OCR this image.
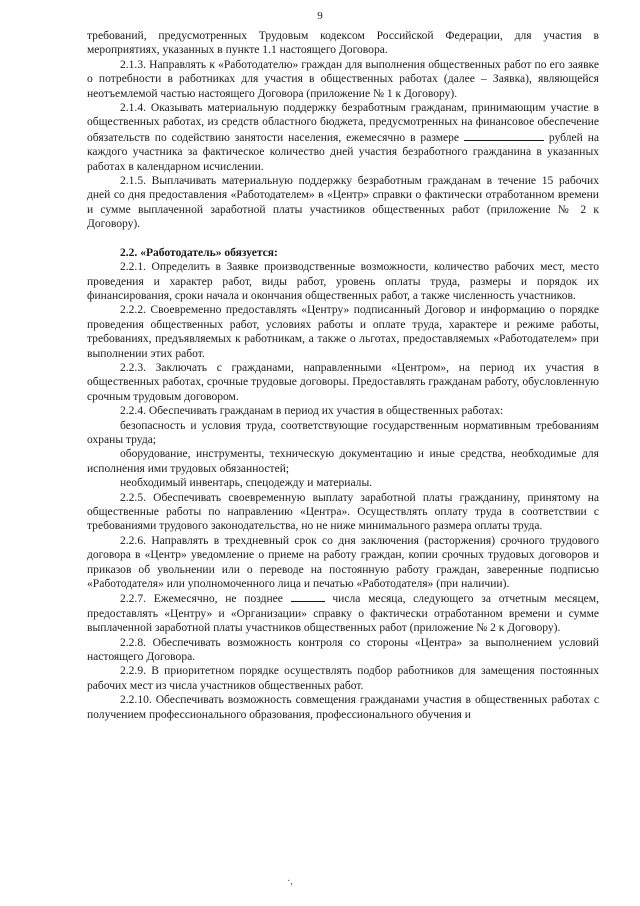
9

требований, предусмотренных Трудовым кодексом Российской Федерации, для участия в мероприятиях, указанных в пункте 1.1 настоящего Договора.

2.1.3. Направлять к «Работодателю» граждан для выполнения общественных работ по его заявке о потребности в работниках для участия в общественных работах (далее – Заявка), являющейся неотъемлемой частью настоящего Договора (приложение № 1 к Договору).

2.1.4. Оказывать материальную поддержку безработным гражданам, принимающим участие в общественных работах, из средств областного бюджета, предусмотренных на финансовое обеспечение обязательств по содействию занятости населения, ежемесячно в размере	рублей на каждого участника за фактическое количество дней участия безработного гражданина в указанных работах в календарном исчислении.

2.1.5. Выплачивать материальную поддержку безработным гражданам в течение 15 рабочих дней со дня предоставления «Работодателем» в «Центр» справки о фактически отработанном времени и сумме выплаченной заработной платы участников общественных работ (приложение № 2 к Договору).

2.2. «Работодатель» обязуется:

2.2.1. Определить в Заявке производственные возможности, количество рабочих мест, место проведения и характер работ, виды работ, уровень оплаты труда, размеры и порядок их финансирования, сроки начала и окончания общественных работ, а также численность участников.

2.2.2. Своевременно предоставлять «Центру» подписанный Договор и информацию о порядке проведения общественных работ, условиях работы и оплате труда, характере и режиме работы, требованиях, предъявляемых к работникам, а также о льготах, предоставляемых «Работодателем» при выполнении этих работ.

2.2.3. Заключать с гражданами, направленными «Центром», на период их участия в общественных работах, срочные трудовые договоры. Предоставлять гражданам работу, обусловленную срочным трудовым договором.

2.2.4. Обеспечивать гражданам в период их участия в общественных работах:

безопасность и условия труда, соответствующие государственным нормативным требованиям охраны труда;

оборудование, инструменты, техническую документацию и иные средства, необходимые для исполнения ими трудовых обязанностей;

необходимый инвентарь, спецодежду и материалы.

2.2.5. Обеспечивать своевременную выплату заработной платы гражданину, принятому на общественные работы по направлению «Центра». Осуществлять оплату труда в соответствии с требованиями трудового законодательства, но не ниже минимального размера оплаты труда.

2.2.6. Направлять в трехдневный срок со дня заключения (расторжения) срочного трудового договора в «Центр» уведомление о приеме на работу граждан, копии срочных трудовых договоров и приказов об увольнении или о переводе на постоянную работу граждан, заверенные подписью «Работодателя» или уполномоченного лица и печатью «Работодателя» (при наличии).

2.2.7. Ежемесячно, не позднее	числа месяца, следующего за отчетным месяцем, предоставлять «Центру» и «Организации» справку о фактически отработанном времени и сумме выплаченной заработной платы участников общественных работ (приложение № 2 к Договору).

2.2.8. Обеспечивать возможность контроля со стороны «Центра» за выполнением условий настоящего Договора.

2.2.9. В приоритетном порядке осуществлять подбор работников для замещения постоянных рабочих мест из числа участников общественных работ.

2.2.10. Обеспечивать возможность совмещения гражданами участия в общественных работах с получением профессионального образования, профессионального обучения и

·,
